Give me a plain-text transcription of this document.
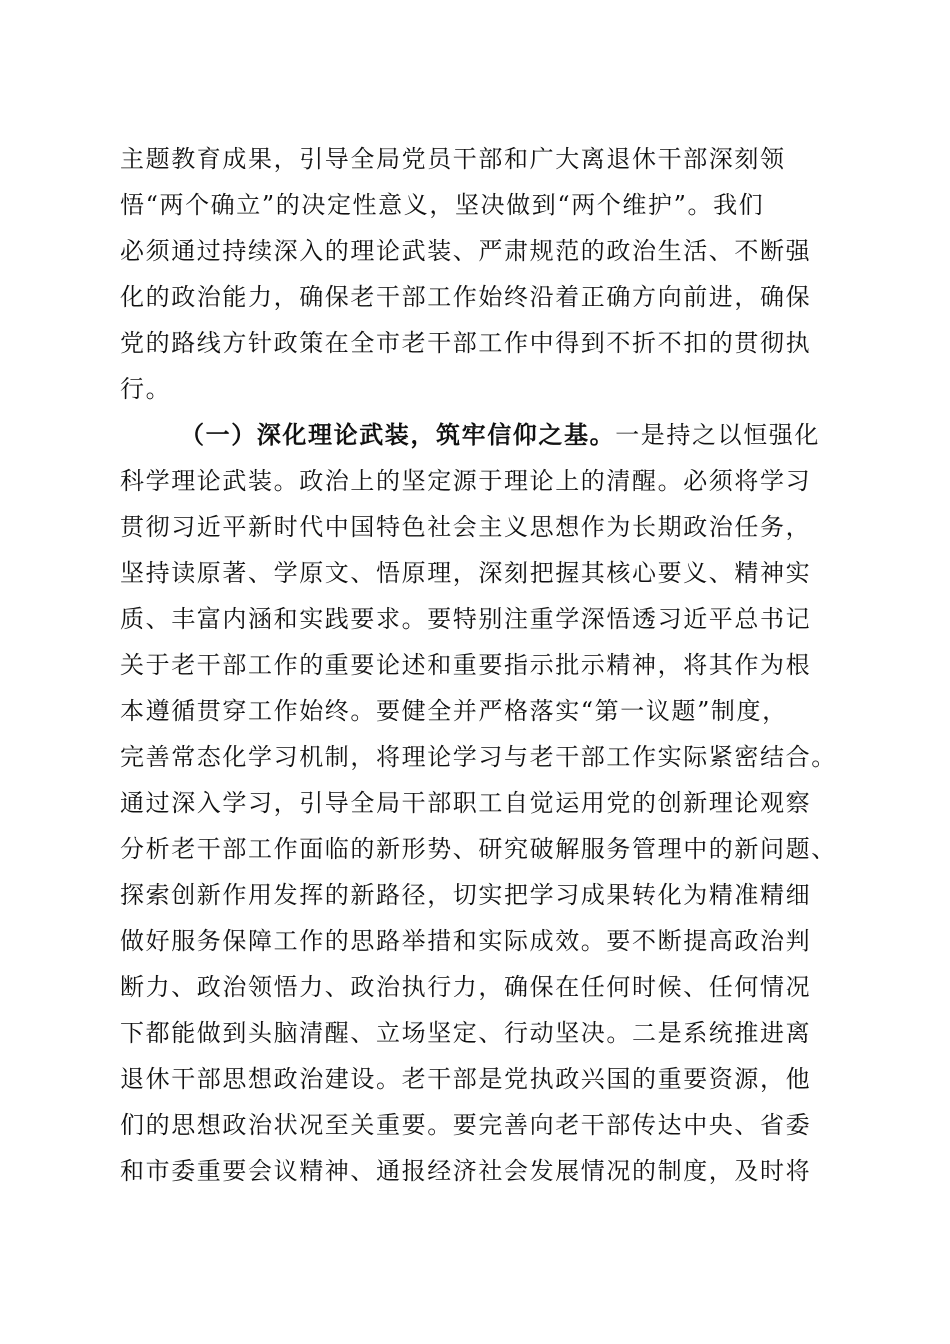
主题教育成果，引导全局党员干部和广大离退休干部深刻领
悟“两个确立”的决定性意义，坚决做到“两个维护”。我们
必须通过持续深入的理论武装、严肃规范的政治生活、不断强
化的政治能力，确保老干部工作始终沿着正确方向前进，确保
党的路线方针政策在全市老干部工作中得到不折不扣的贯彻执
行。
（一）深化理论武装，筑牢信仰之基。一是持之以恒强化
科学理论武装。政治上的坚定源于理论上的清醒。必须将学习
贯彻习近平新时代中国特色社会主义思想作为长期政治任务，
坚持读原著、学原文、悟原理，深刻把握其核心要义、精神实
质、丰富内涵和实践要求。要特别注重学深悟透习近平总书记
关于老干部工作的重要论述和重要指示批示精神，将其作为根
本遵循贯穿工作始终。要健全并严格落实“第一议题”制度，
完善常态化学习机制，将理论学习与老干部工作实际紧密结合。
通过深入学习，引导全局干部职工自觉运用党的创新理论观察
分析老干部工作面临的新形势、研究破解服务管理中的新问题、
探索创新作用发挥的新路径，切实把学习成果转化为精准精细
做好服务保障工作的思路举措和实际成效。要不断提高政治判
断力、政治领悟力、政治执行力，确保在任何时候、任何情况
下都能做到头脑清醒、立场坚定、行动坚决。二是系统推进离
退休干部思想政治建设。老干部是党执政兴国的重要资源，他
们的思想政治状况至关重要。要完善向老干部传达中央、省委
和市委重要会议精神、通报经济社会发展情况的制度，及时将
